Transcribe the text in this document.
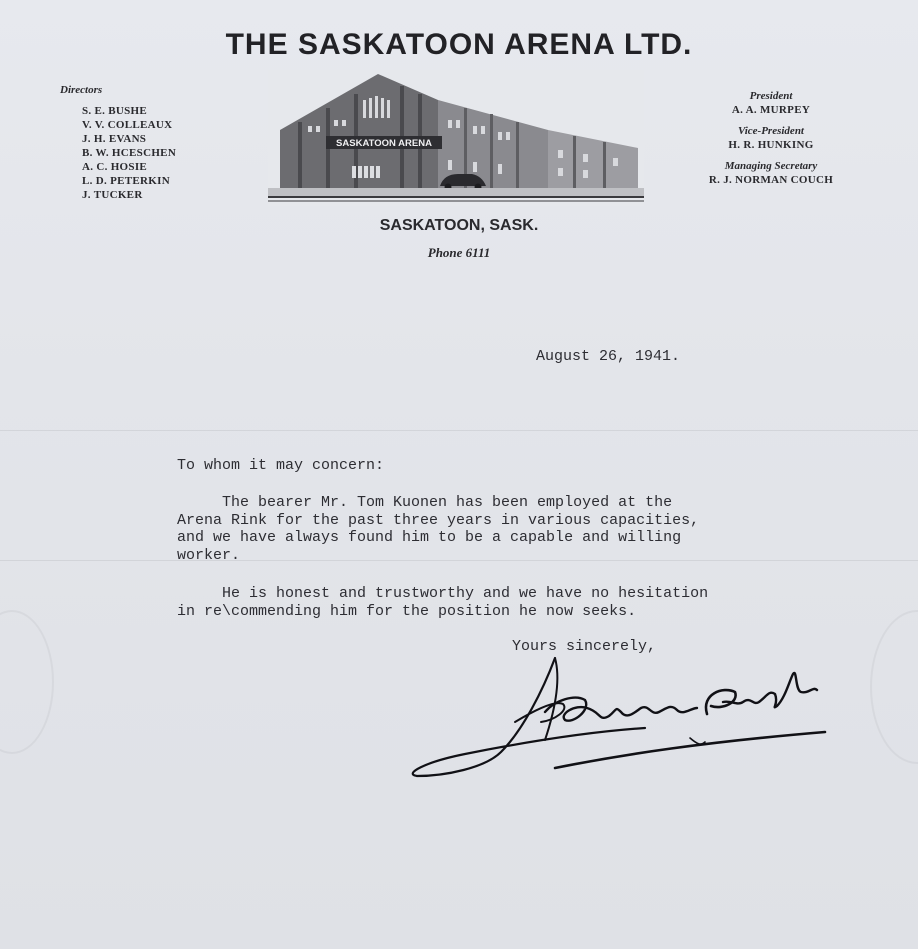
THE SASKATOON ARENA LTD.
Directors
S. E. BUSHE
V. V. COLLEAUX
J. H. EVANS
B. W. HCESCHEN
A. C. HOSIE
L. D. PETERKIN
J. TUCKER
SASKATOON ARENA
President
A. A. MURPEY
Vice-President
H. R. HUNKING
Managing Secretary
R. J. NORMAN COUCH
SASKATOON, SASK.
Phone 6111
August 26, 1941.
To whom it may concern:
The bearer Mr. Tom Kuonen has been employed at the
Arena Rink for the past three years in various capacities,
and we have always found him to be a capable and willing
worker.
He is honest and trustworthy and we have no hesitation
in re\commending him for the position he now seeks.
Yours sincerely,
